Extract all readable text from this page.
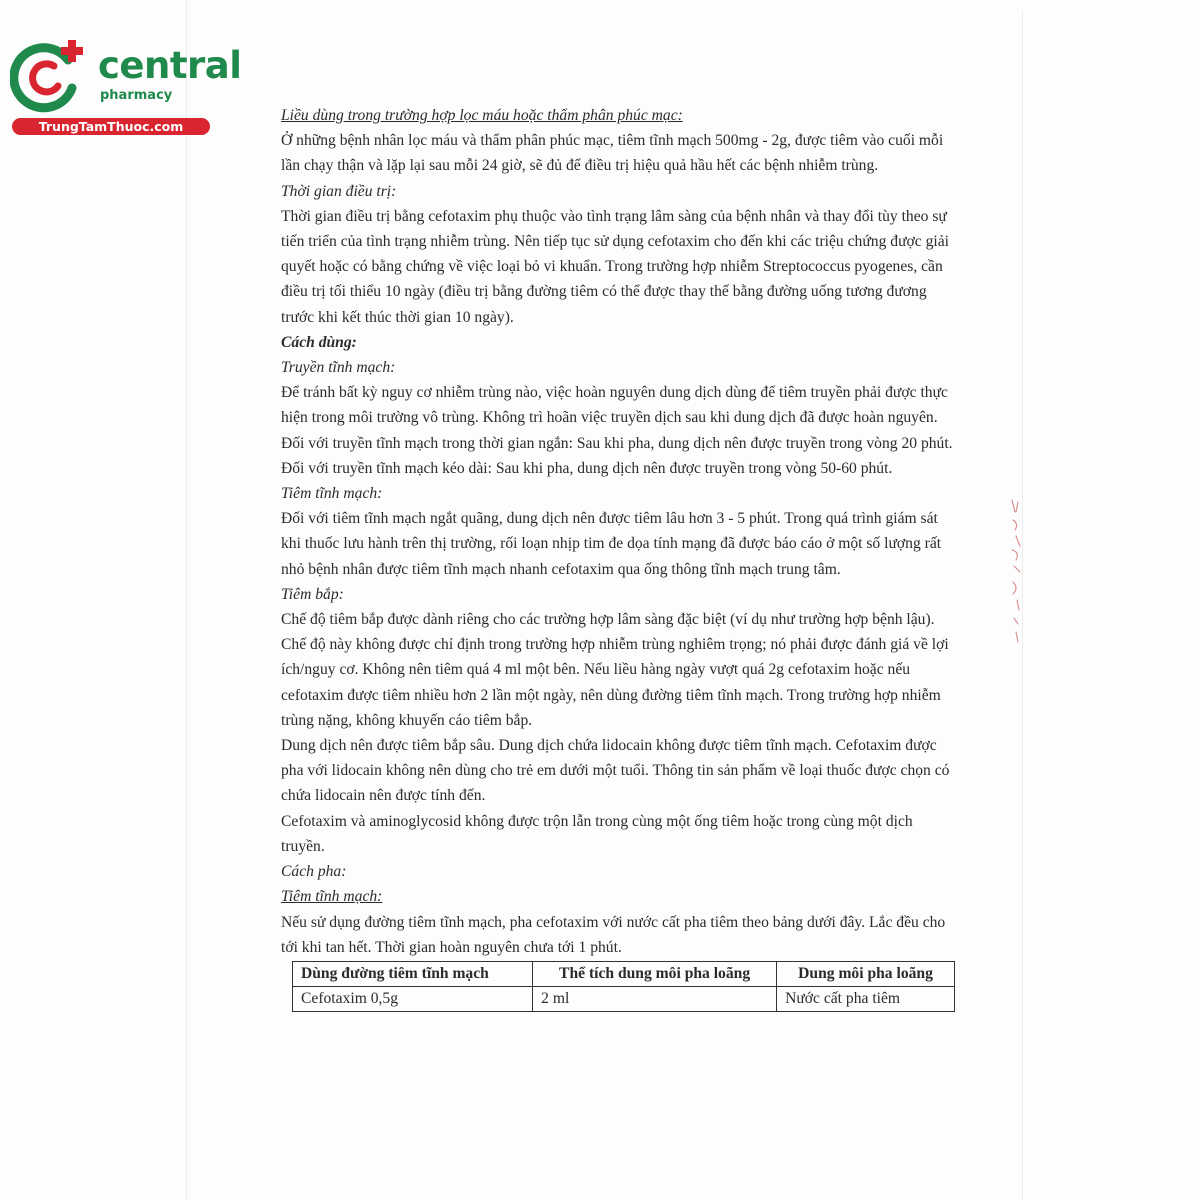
central
pharmacy
TrungTamThuoc.com

Liều dùng trong trường hợp lọc máu hoặc thẩm phân phúc mạc:

Ở những bệnh nhân lọc máu và thẩm phân phúc mạc, tiêm tĩnh mạch 500mg - 2g, được tiêm vào cuối mỗi lần chạy thận và lặp lại sau mỗi 24 giờ, sẽ đủ để điều trị hiệu quả hầu hết các bệnh nhiễm trùng.

Thời gian điều trị:

Thời gian điều trị bằng cefotaxim phụ thuộc vào tình trạng lâm sàng của bệnh nhân và thay đổi tùy theo sự tiến triển của tình trạng nhiễm trùng. Nên tiếp tục sử dụng cefotaxim cho đến khi các triệu chứng được giải quyết hoặc có bằng chứng về việc loại bỏ vi khuẩn. Trong trường hợp nhiễm Streptococcus pyogenes, cần điều trị tối thiểu 10 ngày (điều trị bằng đường tiêm có thể được thay thế bằng đường uống tương đương trước khi kết thúc thời gian 10 ngày).

Cách dùng:

Truyền tĩnh mạch:

Để tránh bất kỳ nguy cơ nhiễm trùng nào, việc hoàn nguyên dung dịch dùng để tiêm truyền phải được thực hiện trong môi trường vô trùng. Không trì hoãn việc truyền dịch sau khi dung dịch đã được hoàn nguyên.

Đối với truyền tĩnh mạch trong thời gian ngắn: Sau khi pha, dung dịch nên được truyền trong vòng 20 phút.

Đối với truyền tĩnh mạch kéo dài: Sau khi pha, dung dịch nên được truyền trong vòng 50-60 phút.

Tiêm tĩnh mạch:

Đối với tiêm tĩnh mạch ngắt quãng, dung dịch nên được tiêm lâu hơn 3 - 5 phút. Trong quá trình giám sát khi thuốc lưu hành trên thị trường, rối loạn nhịp tim đe dọa tính mạng đã được báo cáo ở một số lượng rất nhỏ bệnh nhân được tiêm tĩnh mạch nhanh cefotaxim qua ống thông tĩnh mạch trung tâm.

Tiêm bắp:

Chế độ tiêm bắp được dành riêng cho các trường hợp lâm sàng đặc biệt (ví dụ như trường hợp bệnh lậu). Chế độ này không được chỉ định trong trường hợp nhiễm trùng nghiêm trọng; nó phải được đánh giá về lợi ích/nguy cơ. Không nên tiêm quá 4 ml một bên. Nếu liều hàng ngày vượt quá 2g cefotaxim hoặc nếu cefotaxim được tiêm nhiều hơn 2 lần một ngày, nên dùng đường tiêm tĩnh mạch. Trong trường hợp nhiễm trùng nặng, không khuyến cáo tiêm bắp.

Dung dịch nên được tiêm bắp sâu. Dung dịch chứa lidocain không được tiêm tĩnh mạch. Cefotaxim được pha với lidocain không nên dùng cho trẻ em dưới một tuổi. Thông tin sản phẩm về loại thuốc được chọn có chứa lidocain nên được tính đến.

Cefotaxim và aminoglycosid không được trộn lẫn trong cùng một ống tiêm hoặc trong cùng một dịch truyền.

Cách pha:

Tiêm tĩnh mạch:

Nếu sử dụng đường tiêm tĩnh mạch, pha cefotaxim với nước cất pha tiêm theo bảng dưới đây. Lắc đều cho tới khi tan hết. Thời gian hoàn nguyên chưa tới 1 phút.

Dùng đường tiêm tĩnh mạch	Thể tích dung môi pha loãng	Dung môi pha loãng
Cefotaxim 0,5g	2 ml	Nước cất pha tiêm
